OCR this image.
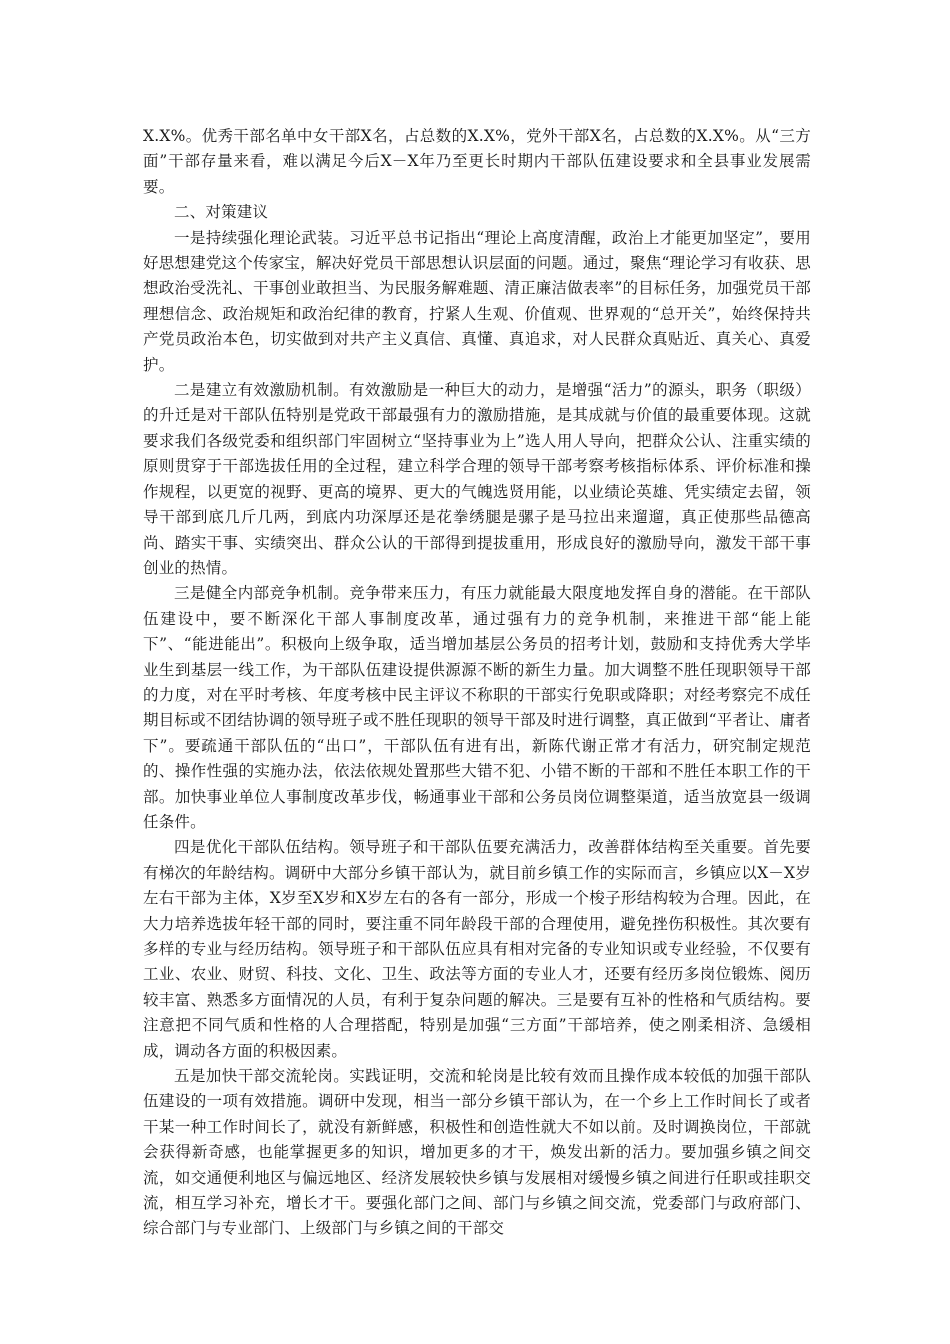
X.X%。优秀干部名单中女干部X名，占总数的X.X%，党外干部X名，占总数的X.X%。从“三方面”干部存量来看，难以满足今后X－X年乃至更长时期内干部队伍建设要求和全县事业发展需要。

二、对策建议

一是持续强化理论武装。习近平总书记指出“理论上高度清醒，政治上才能更加坚定”，要用好思想建党这个传家宝，解决好党员干部思想认识层面的问题。通过，聚焦“理论学习有收获、思想政治受洗礼、干事创业敢担当、为民服务解难题、清正廉洁做表率”的目标任务，加强党员干部理想信念、政治规矩和政治纪律的教育，拧紧人生观、价值观、世界观的“总开关”，始终保持共产党员政治本色，切实做到对共产主义真信、真懂、真追求，对人民群众真贴近、真关心、真爱护。

二是建立有效激励机制。有效激励是一种巨大的动力，是增强“活力”的源头，职务（职级）的升迁是对干部队伍特别是党政干部最强有力的激励措施，是其成就与价值的最重要体现。这就要求我们各级党委和组织部门牢固树立“坚持事业为上”选人用人导向，把群众公认、注重实绩的原则贯穿于干部选拔任用的全过程，建立科学合理的领导干部考察考核指标体系、评价标准和操作规程，以更宽的视野、更高的境界、更大的气魄选贤用能，以业绩论英雄、凭实绩定去留，领导干部到底几斤几两，到底内功深厚还是花拳绣腿是骡子是马拉出来遛遛，真正使那些品德高尚、踏实干事、实绩突出、群众公认的干部得到提拔重用，形成良好的激励导向，激发干部干事创业的热情。

三是健全内部竞争机制。竞争带来压力，有压力就能最大限度地发挥自身的潜能。在干部队伍建设中，要不断深化干部人事制度改革，通过强有力的竞争机制，来推进干部“能上能下”、“能进能出”。积极向上级争取，适当增加基层公务员的招考计划，鼓励和支持优秀大学毕业生到基层一线工作，为干部队伍建设提供源源不断的新生力量。加大调整不胜任现职领导干部的力度，对在平时考核、年度考核中民主评议不称职的干部实行免职或降职；对经考察完不成任期目标或不团结协调的领导班子或不胜任现职的领导干部及时进行调整，真正做到“平者让、庸者下”。要疏通干部队伍的“出口”，干部队伍有进有出，新陈代谢正常才有活力，研究制定规范的、操作性强的实施办法，依法依规处置那些大错不犯、小错不断的干部和不胜任本职工作的干部。加快事业单位人事制度改革步伐，畅通事业干部和公务员岗位调整渠道，适当放宽县一级调任条件。

四是优化干部队伍结构。领导班子和干部队伍要充满活力，改善群体结构至关重要。首先要有梯次的年龄结构。调研中大部分乡镇干部认为，就目前乡镇工作的实际而言，乡镇应以X－X岁左右干部为主体，X岁至X岁和X岁左右的各有一部分，形成一个梭子形结构较为合理。因此，在大力培养选拔年轻干部的同时，要注重不同年龄段干部的合理使用，避免挫伤积极性。其次要有多样的专业与经历结构。领导班子和干部队伍应具有相对完备的专业知识或专业经验，不仅要有工业、农业、财贸、科技、文化、卫生、政法等方面的专业人才，还要有经历多岗位锻炼、阅历较丰富、熟悉多方面情况的人员，有利于复杂问题的解决。三是要有互补的性格和气质结构。要注意把不同气质和性格的人合理搭配，特别是加强“三方面”干部培养，使之刚柔相济、急缓相成，调动各方面的积极因素。

五是加快干部交流轮岗。实践证明，交流和轮岗是比较有效而且操作成本较低的加强干部队伍建设的一项有效措施。调研中发现，相当一部分乡镇干部认为，在一个乡上工作时间长了或者干某一种工作时间长了，就没有新鲜感，积极性和创造性就大不如以前。及时调换岗位，干部就会获得新奇感，也能掌握更多的知识，增加更多的才干，焕发出新的活力。要加强乡镇之间交流，如交通便利地区与偏远地区、经济发展较快乡镇与发展相对缓慢乡镇之间进行任职或挂职交流，相互学习补充，增长才干。要强化部门之间、部门与乡镇之间交流，党委部门与政府部门、综合部门与专业部门、上级部门与乡镇之间的干部交
